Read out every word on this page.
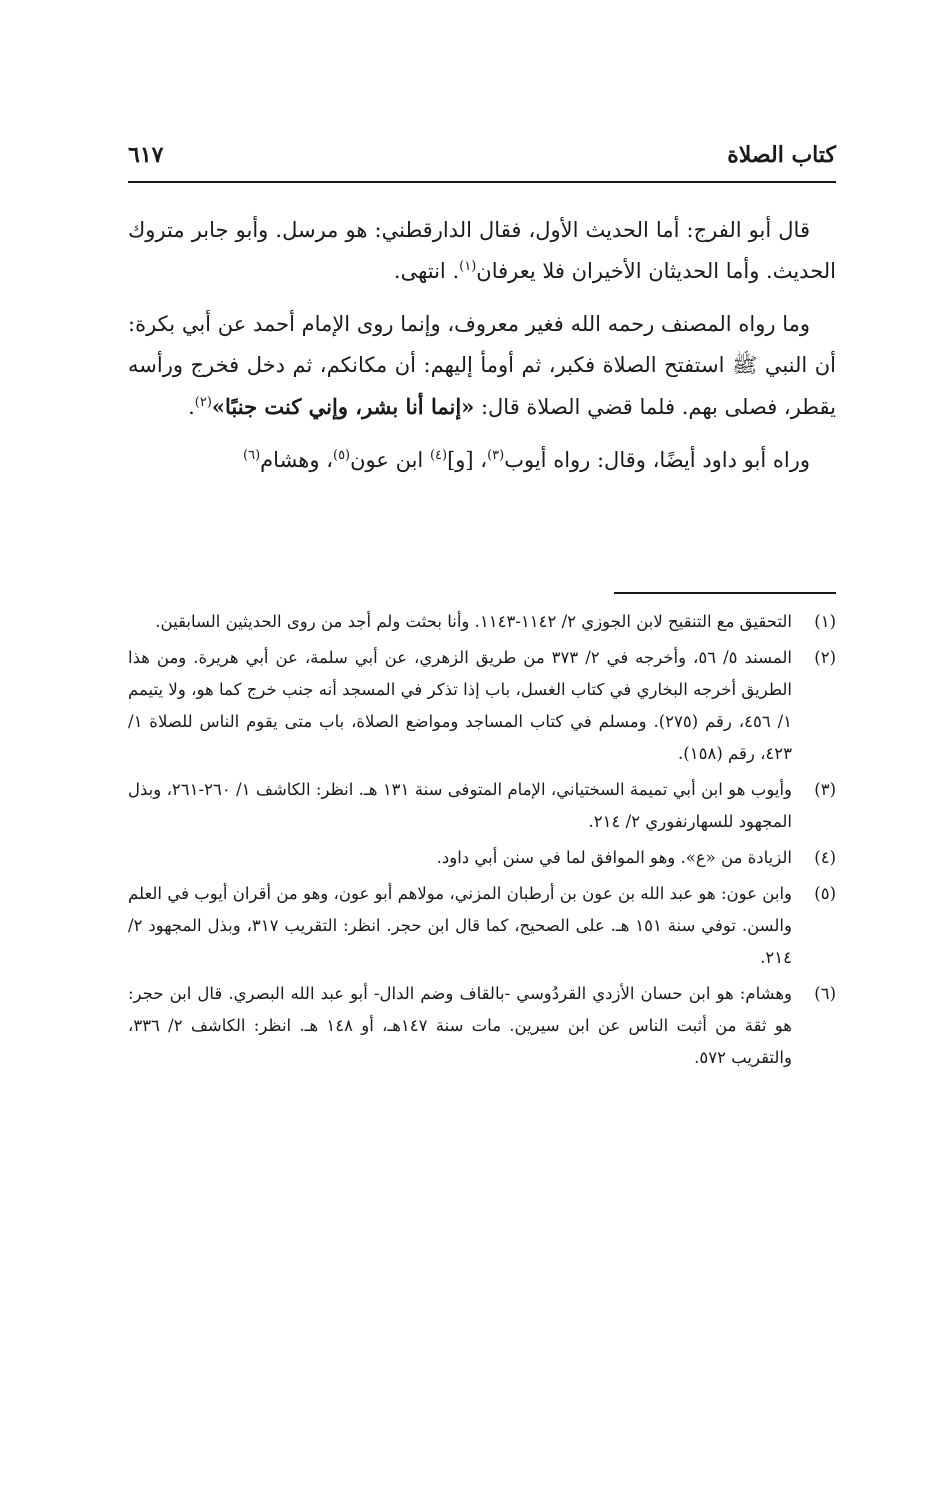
كتاب الصلاة
٦١٧

قال أبو الفرج: أما الحديث الأول، فقال الدارقطني: هو مرسل. وأبو جابر متروك الحديث. وأما الحديثان الأخيران فلا يعرفان$^{(١)}$. انتهى.

وما رواه المصنف رحمه الله فغير معروف، وإنما روى الإمام أحمد عن أبي بكرة: أن النبي ﷺ استفتح الصلاة فكبر، ثم أومأ إليهم: أن مكانكم، ثم دخل فخرج ورأسه يقطر، فصلى بهم. فلما قضي الصلاة قال: «إنما أنا بشر، وإني كنت جنبًا»$^{(٢)}$.

وراه أبو داود أيضًا، وقال: رواه أيوب$^{(٣)}$، [و]$^{(٤)}$ ابن عون$^{(٥)}$، وهشام$^{(٦)}$

(١)
التحقيق مع التنقيح لابن الجوزي ٢/ ١١٤٢-١١٤٣. وأنا بحثت ولم أجد من روى الحديثين السابقين.

(٢)
المسند ٥/ ٥٦، وأخرجه في ٢/ ٣٧٣ من طريق الزهري، عن أبي سلمة، عن أبي هريرة. ومن هذا الطريق أخرجه البخاري في كتاب الغسل، باب إذا تذكر في المسجد أنه جنب خرج كما هو، ولا يتيمم ١/ ٤٥٦، رقم (٢٧٥). ومسلم في كتاب المساجد ومواضع الصلاة، باب متى يقوم الناس للصلاة ١/ ٤٢٣، رقم (١٥٨).

(٣)
وأيوب هو ابن أبي تميمة السختياني، الإمام المتوفى سنة ١٣١ هـ. انظر: الكاشف ١/ ٢٦٠-٢٦١، وبذل المجهود للسهارنفوري ٢/ ٢١٤.

(٤)
الزيادة من «ع». وهو الموافق لما في سنن أبي داود.

(٥)
وابن عون: هو عبد الله بن عون بن أرطبان المزني، مولاهم أبو عون، وهو من أقران أيوب في العلم والسن. توفي سنة ١٥١ هـ. على الصحيح، كما قال ابن حجر. انظر: التقريب ٣١٧، وبذل المجهود ٢/ ٢١٤.

(٦)
وهشام: هو ابن حسان الأزدي القردُوسي -بالقاف وضم الدال- أبو عبد الله البصري. قال ابن حجر: هو ثقة من أثبت الناس عن ابن سيرين. مات سنة ١٤٧هـ، أو ١٤٨ هـ. انظر: الكاشف ٢/ ٣٣٦، والتقريب ٥٧٢.
